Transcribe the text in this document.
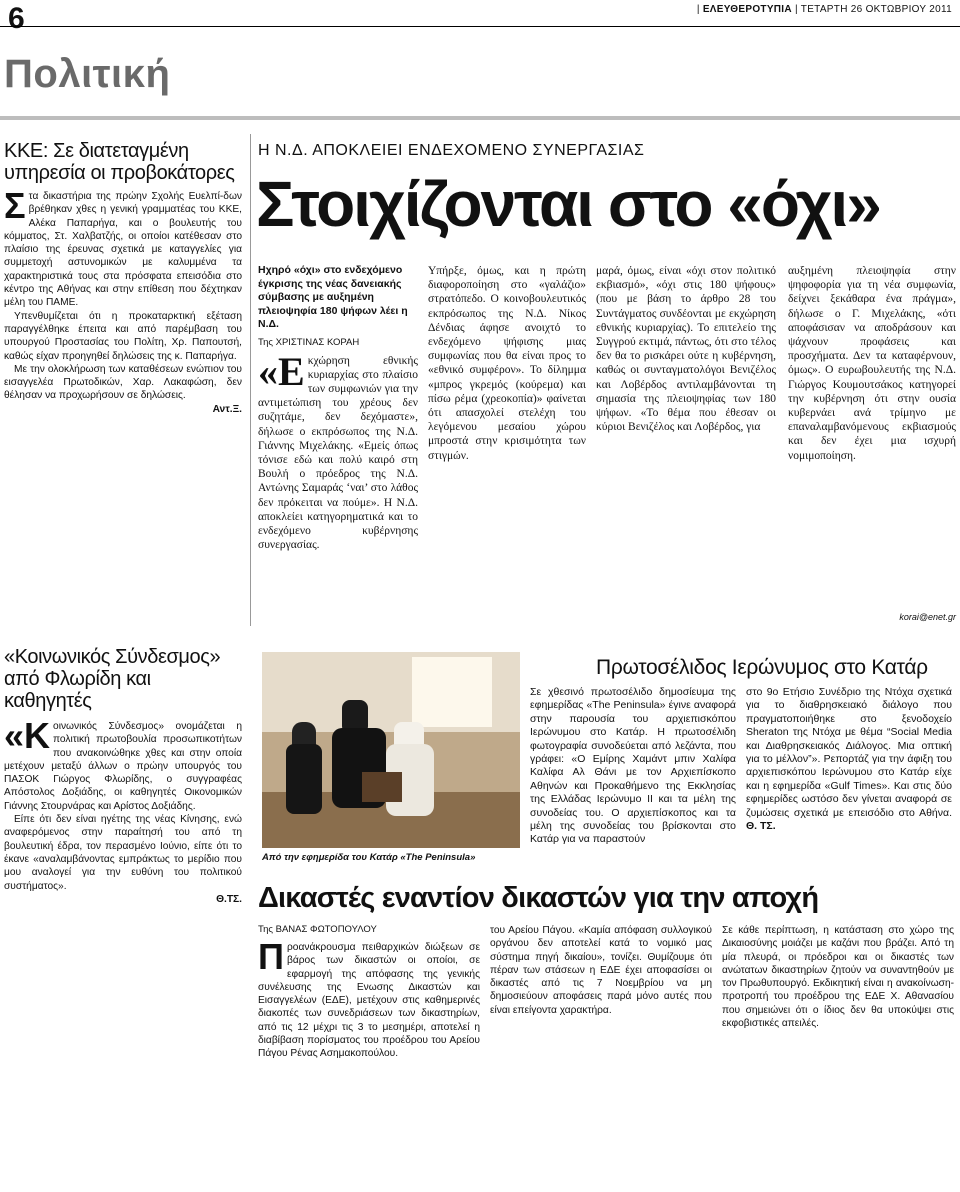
6	| ΕΛΕΥΘΕΡΟΤΥΠΙΑ | ΤΕΤΑΡΤΗ 26 ΟΚΤΩΒΡΙΟΥ 2011
Πολιτική
ΚΚΕ: Σε διατεταγμένη υπηρεσία οι προβοκάτορες
Σ τα δικαστήρια της πρώην Σχολής Ευελπί-δων βρέθηκαν χθες η γενική γραμματέας του ΚΚΕ, Αλέκα Παπαρήγα, και ο βουλευτής του κόμματος, Στ. Χαλβατζής, οι οποίοι κατέθεσαν στο πλαίσιο της έρευνας σχετικά με καταγγελίες για συμμετοχή αστυνομικών με καλυμμένα τα χαρακτηριστικά τους στα πρόσφατα επεισόδια στο κέντρο της Αθήνας και στην επίθεση που δέχτηκαν μέλη του ΠΑΜΕ.

Υπενθυμίζεται ότι η προκαταρκτική εξέταση παραγγέλθηκε έπειτα και από παρέμβαση του υπουργού Προστασίας του Πολίτη, Χρ. Παπουτσή, καθώς είχαν προηγηθεί δηλώσεις της κ. Παπαρήγα.

Με την ολοκλήρωση των καταθέσεων ενώπιον του εισαγγελέα Πρωτοδικών, Χαρ. Λακαφώση, δεν θέλησαν να προχωρήσουν σε δηλώσεις.

Αντ.Ξ.

«Κοινωνικός Σύνδεσμος» από Φλωρίδη και καθηγητές
«Κ οινωνικός Σύνδεσμος» ονομάζεται η πολιτική πρωτοβουλία προσωπικοτήτων που ανακοινώθηκε χθες και στην οποία μετέχουν μεταξύ άλλων ο πρώην υπουργός του ΠΑΣΟΚ Γιώργος Φλωρίδης, ο συγγραφέας Απόστολος Δοξιάδης, οι καθηγητές Οικονομικών Γιάννης Στουρνάρας και Αρίστος Δοξιάδης.

Είπε ότι δεν είναι ηγέτης της νέας Κίνησης, ενώ αναφερόμενος στην παραίτησή του από τη βουλευτική έδρα, τον περασμένο Ιούνιο, είπε ότι το έκανε «αναλαμβάνοντας εμπράκτως το μερίδιο που μου αναλογεί για την ευθύνη του πολιτικού συστήματος».

Θ.ΤΣ.

Η Ν.Δ. ΑΠΟΚΛΕΙΕΙ ΕΝΔΕΧΟΜΕΝΟ ΣΥΝΕΡΓΑΣΙΑΣ
Στοιχίζονται στο «όχι»
Ηχηρό «όχι» στο ενδεχόμενο έγκρισης της νέας δανειακής σύμβασης με αυξημένη πλειοψηφία 180 ψήφων λέει η Ν.Δ.
Της ΧΡΙΣΤΙΝΑΣ ΚΟΡΑΗ
«Ε κχώρηση εθνικής κυριαρχίας στο πλαίσιο των συμφωνιών για την αντιμετώπιση του χρέους δεν συζητάμε, δεν δεχόμαστε», δήλωσε ο εκπρόσωπος της Ν.Δ. Γιάννης Μιχελάκης. «Εμείς όπως τόνισε εδώ και πολύ καιρό στη Βουλή ο πρόεδρος της Ν.Δ. Αντώνης Σαμαράς ‘ναι’ στο λάθος δεν πρόκειται να πούμε». Η Ν.Δ. αποκλείει κατηγορηματικά και το ενδεχόμενο κυβέρνησης συνεργασίας.
Υπήρξε, όμως, και η πρώτη διαφοροποίηση στο «γαλάζιο» στρατόπεδο. Ο κοινοβουλευτικός εκπρόσωπος της Ν.Δ. Νίκος Δένδιας άφησε ανοιχτό το ενδεχόμενο ψήφισης μιας συμφωνίας που θα είναι προς το «εθνικό συμφέρον». Το δίλημμα «μπρος γκρεμός (κούρεμα) και πίσω ρέμα (χρεοκοπία)» φαίνεται ότι απασχολεί στελέχη του λεγόμενου μεσαίου χώρου μπροστά στην κρισιμότητα των στιγμών.
μαρά, όμως, είναι «όχι στον πολιτικό εκβιασμό», «όχι στις 180 ψήφους» (που με βάση το άρθρο 28 του Συντάγματος συνδέονται με εκχώρηση εθνικής κυριαρχίας). Το επιτελείο της Συγγρού εκτιμά, πάντως, ότι στο τέλος δεν θα το ρισκάρει ούτε η κυβέρνηση, καθώς οι συνταγματολόγοι Βενιζέλος και Λοβέρδος αντιλαμβάνονται τη σημασία της πλειοψηφίας των 180 ψήφων. «Το θέμα που έθεσαν οι κύριοι Βενιζέλος και Λοβέρδος, για
αυξημένη πλειοψηφία στην ψηφοφορία για τη νέα συμφωνία, δείχνει ξεκάθαρα ένα πράγμα», δήλωσε ο Γ. Μιχελάκης, «ότι αποφάσισαν να αποδράσουν και ψάχνουν προφάσεις και προσχήματα. Δεν τα καταφέρνουν, όμως». Ο ευρωβουλευτής της Ν.Δ. Γιώργος Κουμουτσάκος κατηγορεί την κυβέρνηση ότι στην ουσία κυβερνάει ανά τρίμηνο με επαναλαμβανόμενους εκβιασμούς και δεν έχει μια ισχυρή νομιμοποίηση.
korai@enet.gr
Πρωτοσέλιδος Ιερώνυμος στο Κατάρ
Από την εφημερίδα του Κατάρ «The Peninsula»
Σε χθεσινό πρωτοσέλιδο δημοσίευμα της εφημερίδας «The Peninsula» έγινε αναφορά στην παρουσία του αρχιεπισκόπου Ιερώνυμου στο Κατάρ. Η πρωτοσέλιδη φωτογραφία συνοδεύεται από λεζάντα, που γράφει: «Ο Εμίρης Χαμάντ μπιν Χαλίφα Καλίφα Αλ Θάνι με τον Αρχιεπίσκοπο Αθηνών και Προκαθήμενο της Εκκλησίας της Ελλάδας Ιερώνυμο ΙΙ και τα μέλη της συνοδείας του. Ο αρχιεπίσκοπος και τα μέλη της συνοδείας του βρίσκονται στο Κατάρ για να παραστούν
στο 9ο Ετήσιο Συνέδριο της Ντόχα σχετικά για το διαθρησκειακό διάλογο που πραγματοποιήθηκε στο ξενοδοχείο Sheraton της Ντόχα με θέμα “Social Media και Διαθρησκειακός Διάλογος. Μια οπτική για το μέλλον”». Ρεπορτάζ για την άφιξη του αρχιεπισκόπου Ιερώνυμου στο Κατάρ είχε και η εφημερίδα «Gulf Times». Και στις δύο εφημερίδες ωστόσο δεν γίνεται αναφορά σε ζυμώσεις σχετικά με επεισόδιο στο Αθήνα. Θ. ΤΣ.
Δικαστές εναντίον δικαστών για την αποχή
Της ΒΑΝΑΣ ΦΩΤΟΠΟΥΛΟΥ
Π ροανάκρουσμα πειθαρχικών διώξεων σε βάρος των δικαστών οι οποίοι, σε εφαρμογή της απόφασης της γενικής συνέλευσης της Ενωσης Δικαστών και Εισαγγελέων (ΕΔΕ), μετέχουν στις καθημερινές διακοπές των συνεδριάσεων των δικαστηρίων, από τις 12 μέχρι τις 3 το μεσημέρι, αποτελεί η διαβίβαση πορίσματος του προέδρου του Αρείου Πάγου Ρένας Ασημακοπούλου.
του Αρείου Πάγου. «Καμία απόφαση συλλογικού οργάνου δεν αποτελεί κατά το νομικό μας σύστημα πηγή δικαίου», τονίζει. Θυμίζουμε ότι πέραν των στάσεων η ΕΔΕ έχει αποφασίσει οι δικαστές από τις 7 Νοεμβρίου να μη δημοσιεύουν αποφάσεις παρά μόνο αυτές που είναι επείγοντα χαρακτήρα.
Σε κάθε περίπτωση, η κατάσταση στο χώρο της Δικαιοσύνης μοιάζει με καζάνι που βράζει. Από τη μία πλευρά, οι πρόεδροι και οι δικαστές των ανώτατων δικαστηρίων ζητούν να συναντηθούν με τον Πρωθυπουργό. Εκδικητική είναι η ανακοίνωση-προτροπή του προέδρου της ΕΔΕ Χ. Αθανασίου που σημειώνει ότι ο ίδιος δεν θα υποκύψει στις εκφοβιστικές απειλές.
